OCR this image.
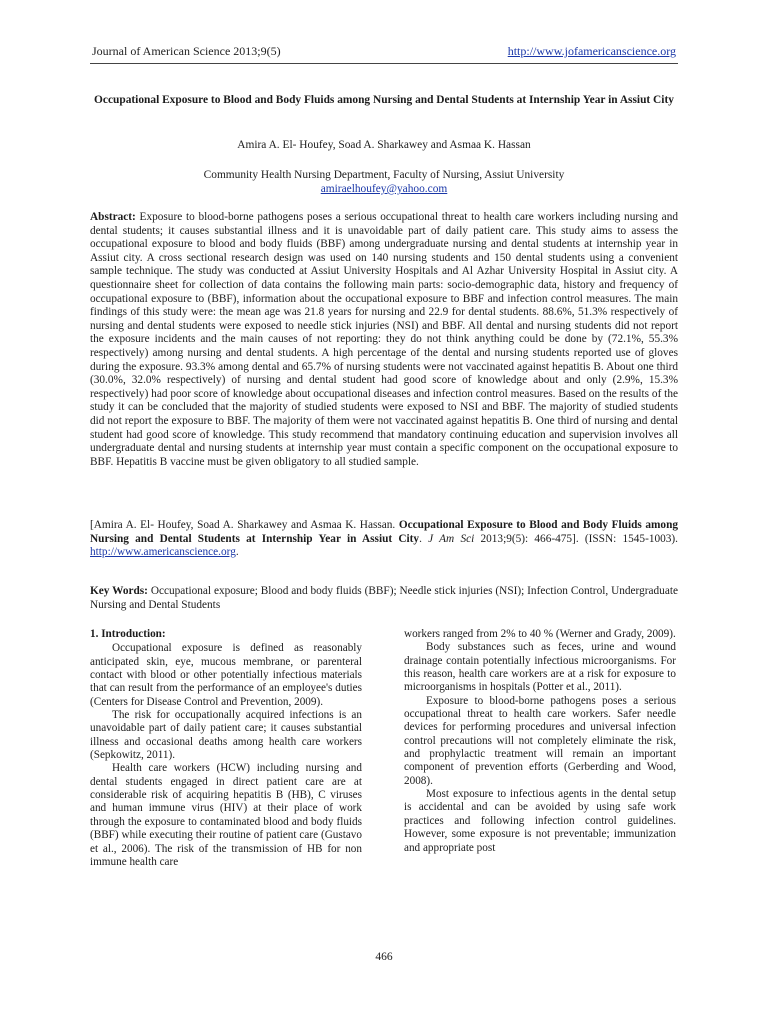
Journal of American Science 2013;9(5)	http://www.jofamericanscience.org
Occupational Exposure to Blood and Body Fluids among Nursing and Dental Students at Internship Year in Assiut City
Amira A. El- Houfey, Soad A. Sharkawey and Asmaa K. Hassan
Community Health Nursing Department, Faculty of Nursing, Assiut University
amiraelhoufey@yahoo.com
Abstract: Exposure to blood-borne pathogens poses a serious occupational threat to health care workers including nursing and dental students; it causes substantial illness and it is unavoidable part of daily patient care. This study aims to assess the occupational exposure to blood and body fluids (BBF) among undergraduate nursing and dental students at internship year in Assiut city. A cross sectional research design was used on 140 nursing students and 150 dental students using a convenient sample technique. The study was conducted at Assiut University Hospitals and Al Azhar University Hospital in Assiut city. A questionnaire sheet for collection of data contains the following main parts: socio-demographic data, history and frequency of occupational exposure to (BBF), information about the occupational exposure to BBF and infection control measures. The main findings of this study were: the mean age was 21.8 years for nursing and 22.9 for dental students. 88.6%, 51.3% respectively of nursing and dental students were exposed to needle stick injuries (NSI) and BBF. All dental and nursing students did not report the exposure incidents and the main causes of not reporting: they do not think anything could be done by (72.1%, 55.3% respectively) among nursing and dental students. A high percentage of the dental and nursing students reported use of gloves during the exposure. 93.3% among dental and 65.7% of nursing students were not vaccinated against hepatitis B. About one third (30.0%, 32.0% respectively) of nursing and dental student had good score of knowledge about and only (2.9%, 15.3% respectively) had poor score of knowledge about occupational diseases and infection control measures. Based on the results of the study it can be concluded that the majority of studied students were exposed to NSI and BBF. The majority of studied students did not report the exposure to BBF. The majority of them were not vaccinated against hepatitis B. One third of nursing and dental student had good score of knowledge. This study recommend that mandatory continuing education and supervision involves all undergraduate dental and nursing students at internship year must contain a specific component on the occupational exposure to BBF. Hepatitis B vaccine must be given obligatory to all studied sample.
[Amira A. El- Houfey, Soad A. Sharkawey and Asmaa K. Hassan. Occupational Exposure to Blood and Body Fluids among Nursing and Dental Students at Internship Year in Assiut City. J Am Sci 2013;9(5): 466-475]. (ISSN: 1545-1003). http://www.americanscience.org.
Key Words: Occupational exposure; Blood and body fluids (BBF); Needle stick injuries (NSI); Infection Control, Undergraduate Nursing and Dental Students
1. Introduction:

Occupational exposure is defined as reasonably anticipated skin, eye, mucous membrane, or parenteral contact with blood or other potentially infectious materials that can result from the performance of an employee's duties (Centers for Disease Control and Prevention, 2009).

The risk for occupationally acquired infections is an unavoidable part of daily patient care; it causes substantial illness and occasional deaths among health care workers (Sepkowitz, 2011).

Health care workers (HCW) including nursing and dental students engaged in direct patient care are at considerable risk of acquiring hepatitis B (HB), C viruses and human immune virus (HIV) at their place of work through the exposure to contaminated blood and body fluids (BBF) while executing their routine of patient care (Gustavo et al., 2006). The risk of the transmission of HB for non immune health care

workers ranged from 2% to 40 % (Werner and Grady, 2009).

Body substances such as feces, urine and wound drainage contain potentially infectious microorganisms. For this reason, health care workers are at a risk for exposure to microorganisms in hospitals (Potter et al., 2011).

Exposure to blood-borne pathogens poses a serious occupational threat to health care workers. Safer needle devices for performing procedures and universal infection control precautions will not completely eliminate the risk, and prophylactic treatment will remain an important component of prevention efforts (Gerberding and Wood, 2008).

Most exposure to infectious agents in the dental setup is accidental and can be avoided by using safe work practices and following infection control guidelines. However, some exposure is not preventable; immunization and appropriate post

466
